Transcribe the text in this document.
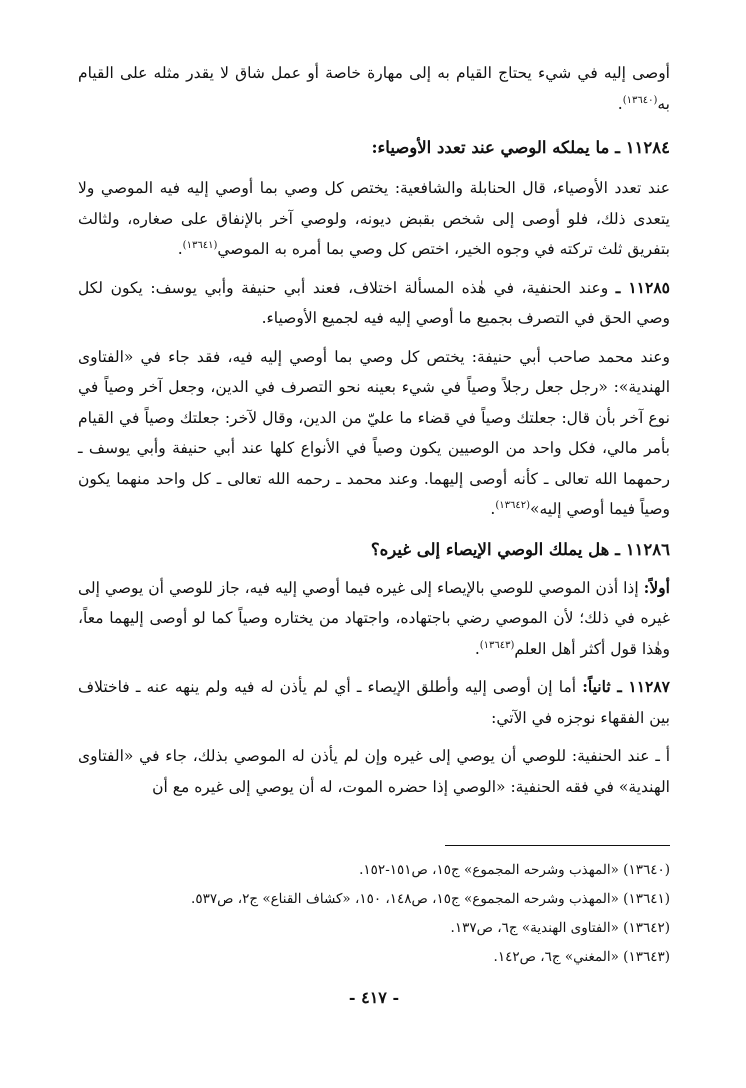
أوصى إليه في شيء يحتاج القيام به إلى مهارة خاصة أو عمل شاق لا يقدر مثله على القيام به$^{(١٣٦٤٠)}$.

١١٢٨٤ ـ ما يملكه الوصي عند تعدد الأوصياء:

عند تعدد الأوصياء، قال الحنابلة والشافعية: يختص كل وصي بما أوصي إليه فيه الموصي ولا يتعدى ذلك، فلو أوصى إلى شخص بقبض ديونه، ولوصي آخر بالإنفاق على صغاره، ولثالث بتفريق ثلث تركته في وجوه الخير، اختص كل وصي بما أمره به الموصي$^{(١٣٦٤١)}$.

١١٢٨٥ ـ وعند الحنفية، في هٰذه المسألة اختلاف، فعند أبي حنيفة وأبي يوسف: يكون لكل وصي الحق في التصرف بجميع ما أوصي إليه فيه لجميع الأوصياء.

وعند محمد صاحب أبي حنيفة: يختص كل وصي بما أوصي إليه فيه، فقد جاء في «الفتاوى الهندية»: «رجل جعل رجلاً وصياً في شيء بعينه نحو التصرف في الدين، وجعل آخر وصياً في نوع آخر بأن قال: جعلتك وصياً في قضاء ما عليّ من الدين، وقال لآخر: جعلتك وصياً في القيام بأمر مالي، فكل واحد من الوصيين يكون وصياً في الأنواع كلها عند أبي حنيفة وأبي يوسف ـ رحمهما الله تعالى ـ كأنه أوصى إليهما. وعند محمد ـ رحمه الله تعالى ـ كل واحد منهما يكون وصياً فيما أوصي إليه»$^{(١٣٦٤٢)}$.

١١٢٨٦ ـ هل يملك الوصي الإيصاء إلى غيره؟

أولاً: إذا أذن الموصي للوصي بالإيصاء إلى غيره فيما أوصي إليه فيه، جاز للوصي أن يوصي إلى غيره في ذلك؛ لأن الموصي رضي باجتهاده، واجتهاد من يختاره وصياً كما لو أوصى إليهما معاً، وهٰذا قول أكثر أهل العلم$^{(١٣٦٤٣)}$.

١١٢٨٧ ـ ثانياً: أما إن أوصى إليه وأطلق الإيصاء ـ أي لم يأذن له فيه ولم ينهه عنه ـ فاختلاف بين الفقهاء نوجزه في الآتي:

أ ـ عند الحنفية: للوصي أن يوصي إلى غيره وإن لم يأذن له الموصي بذلك، جاء في «الفتاوى الهندية» في فقه الحنفية: «الوصي إذا حضره الموت، له أن يوصي إلى غيره مع أن

(١٣٦٤٠) «المهذب وشرحه المجموع» ج١٥، ص١٥١-١٥٢.

(١٣٦٤١) «المهذب وشرحه المجموع» ج١٥، ص١٤٨، ١٥٠، «كشاف القناع» ج٢، ص٥٣٧.

(١٣٦٤٢) «الفتاوى الهندية» ج٦، ص١٣٧.

(١٣٦٤٣) «المغني» ج٦، ص١٤٢.

- ٤١٧ -
